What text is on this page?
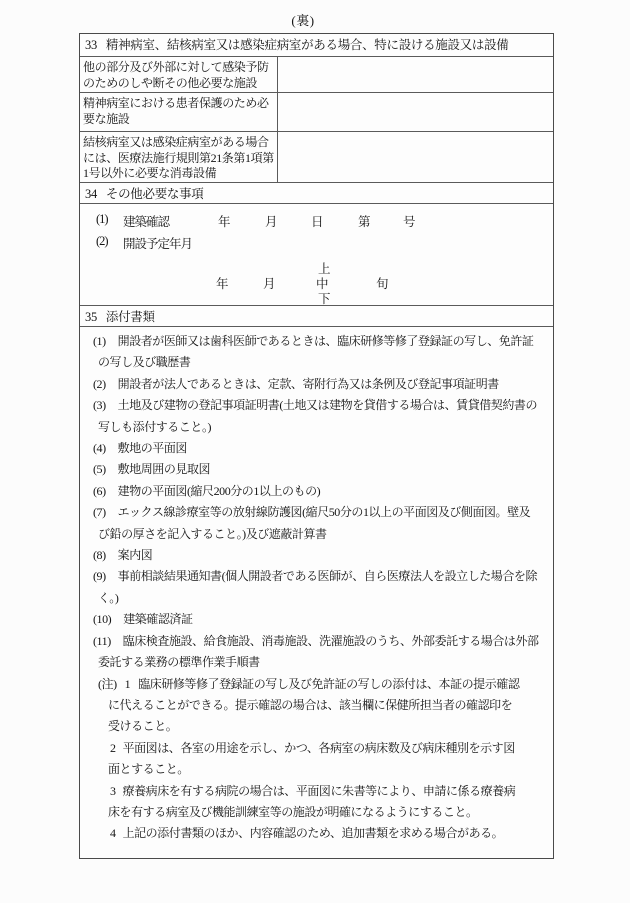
(裏)
33 精神病室、結核病室又は感染症病室がある場合、特に設ける施設又は設備
他の部分及び外部に対して感染予防
のためのしや断その他必要な施設
精神病室における患者保護のため必
要な施設
結核病室又は感染症病室がある場合
には、医療法施行規則第21条第1項第
1号以外に必要な消毒設備
34 その他必要な事項
(1) 建築確認	年	月	日	第	号
(2) 開設予定年月
上
年	月	中	旬
下
35 添付書類
(1) 開設者が医師又は歯科医師であるときは、臨床研修等修了登録証の写し、免許証
の写し及び職歴書
(2) 開設者が法人であるときは、定款、寄附行為又は条例及び登記事項証明書
(3) 土地及び建物の登記事項証明書(土地又は建物を貸借する場合は、賃貸借契約書の
写しも添付すること。)
(4) 敷地の平面図
(5) 敷地周囲の見取図
(6) 建物の平面図(縮尺200分の1以上のもの)
(7) エックス線診療室等の放射線防護図(縮尺50分の1以上の平面図及び側面図。壁及
び鉛の厚さを記入すること。)及び遮蔽計算書
(8) 案内図
(9) 事前相談結果通知書(個人開設者である医師が、自ら医療法人を設立した場合を除
く。)
(10) 建築確認済証
(11) 臨床検査施設、給食施設、消毒施設、洗濯施設のうち、外部委託する場合は外部
委託する業務の標準作業手順書
(注) 1 臨床研修等修了登録証の写し及び免許証の写しの添付は、本証の提示確認
に代えることができる。提示確認の場合は、該当欄に保健所担当者の確認印を
受けること。
2 平面図は、各室の用途を示し、かつ、各病室の病床数及び病床種別を示す図
面とすること。
3 療養病床を有する病院の場合は、平面図に朱書等により、申請に係る療養病
床を有する病室及び機能訓練室等の施設が明確になるようにすること。
4 上記の添付書類のほか、内容確認のため、追加書類を求める場合がある。
